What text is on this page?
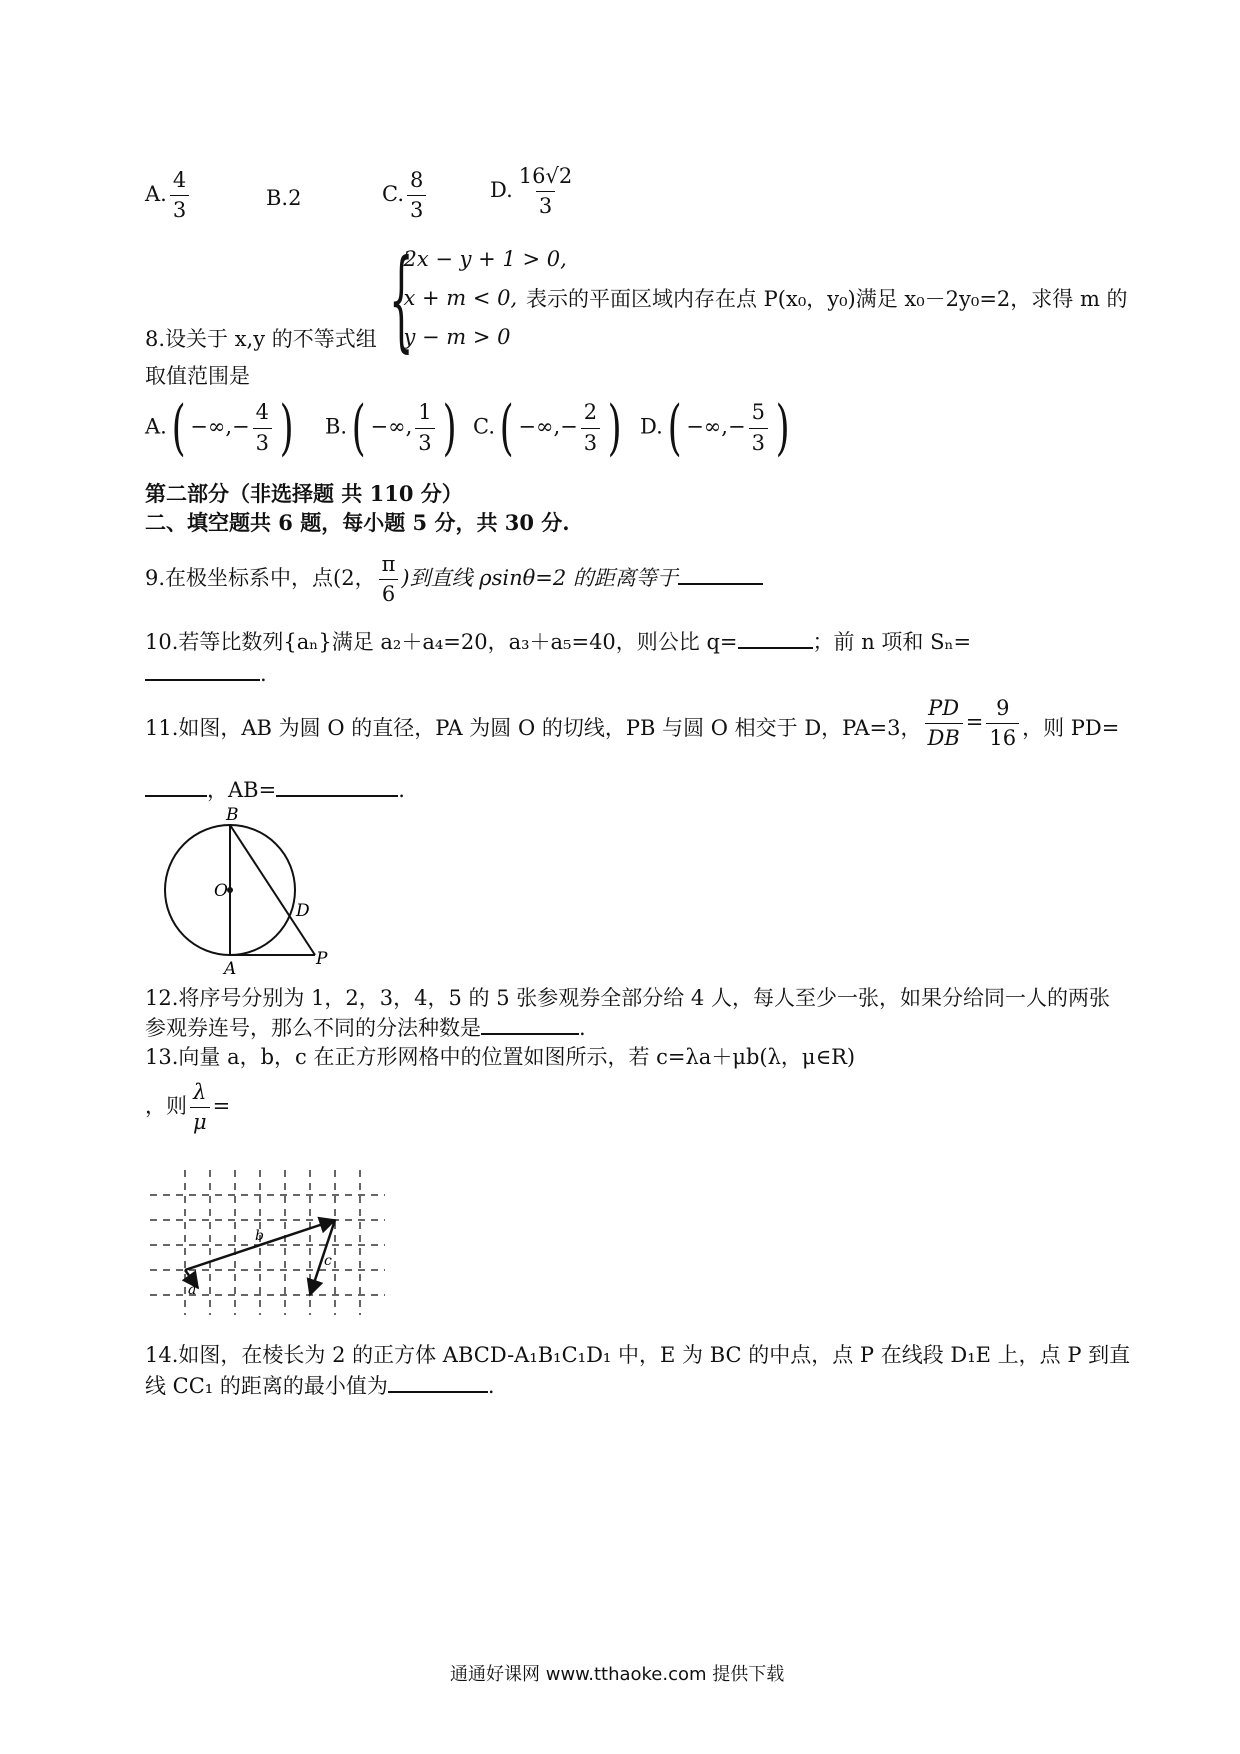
A. $\frac{4}{3}$	B.2	C. $\frac{8}{3}$	D. $\frac{16√2}{3}$
8.设关于 x,y 的不等式组 {
2x − y + 1 > 0,
x + m < 0,
y − m > 0
表示的平面区域内存在点 P(x₀，y₀)满足 x₀－2y₀=2，求得 m 的
取值范围是
A.( −∞,− $\frac{4}{3}$ ) B.( −∞, $\frac{1}{3}$ ) C.( −∞,− $\frac{2}{3}$ ) D.( −∞,− $\frac{5}{3}$ )
第二部分（非选择题 共 110 分）
二、填空题共 6 题，每小题 5 分，共 30 分.
9.在极坐标系中，点(2， $\frac{\pi}{6}$ )到直线 ρsinθ=2 的距离等于
10.若等比数列{aₙ}满足 a₂＋a₄=20，a₃＋a₅=40，则公比 q=	；前 n 项和 Sₙ=
.
11.如图，AB 为圆 O 的直径，PA 为圆 O 的切线，PB 与圆 O 相交于 D，PA=3， $\frac{PD}{DB} = \frac{9}{16}$ ，则 PD=
，AB=	.
B
O
D
A	P
12.将序号分别为 1，2，3，4，5 的 5 张参观券全部分给 4 人，每人至少一张，如果分给同一人的两张
参观券连号，那么不同的分法种数是	.
13.向量 a，b，c 在正方形网格中的位置如图所示，若 c=λa＋μb(λ，μ∈R)
，则 $\frac{\lambda}{\mu}$ =
a
b
c
14.如图，在棱长为 2 的正方体 ABCD-A₁B₁C₁D₁ 中，E 为 BC 的中点，点 P 在线段 D₁E 上，点 P 到直
线 CC₁ 的距离的最小值为	.
通通好课网 www.tthaoke.com 提供下载
